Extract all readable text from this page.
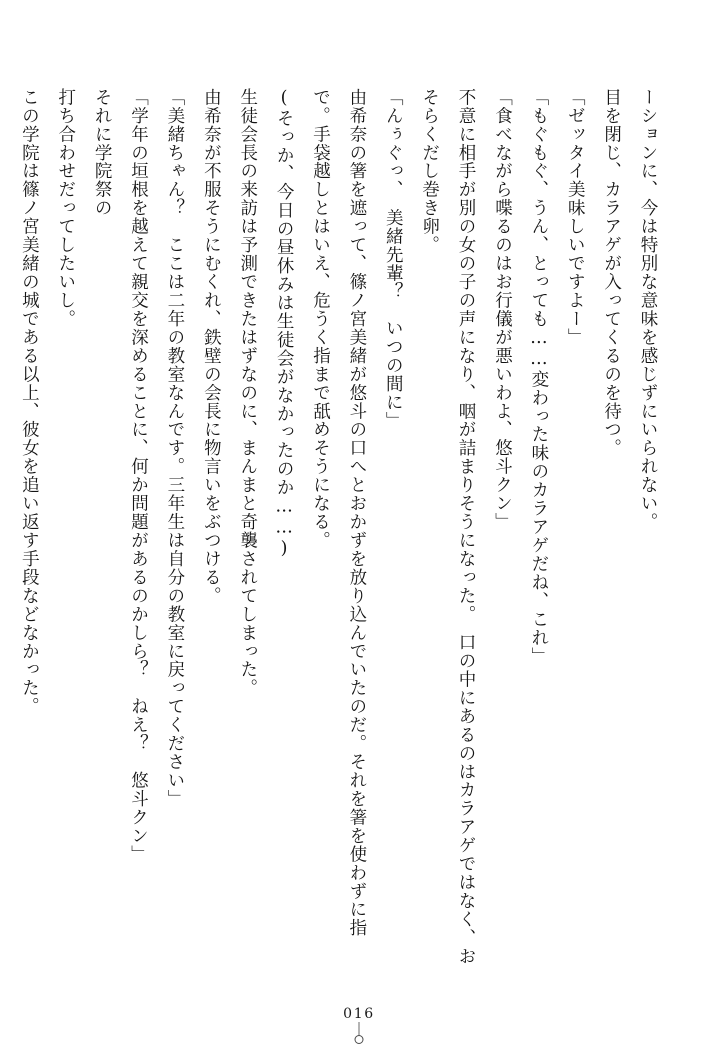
ーションに、今は特別な意味を感じずにいられない。

目を閉じ、カラアゲが入ってくるのを待つ。

「ゼッタイ美味しいですよー」

「もぐもぐ、うん、とっても……変わった味のカラアゲだね、これ」

「食べながら喋るのはお行儀が悪いわよ、悠斗クン」

不意に相手が別の女の子の声になり、咽が詰まりそうになった。　口の中にあるのはカラアゲではなく、おそらくだし巻き卵。

「んぅぐっ、　美緒先輩？　いつの間に」

由希奈の箸を遮って、篠ノ宮美緒が悠斗の口へとおかずを放り込んでいたのだ。それを箸を使わずに指で。手袋越しとはいえ、危うく指まで舐めそうになる。

(そっか、今日の昼休みは生徒会がなかったのか……)

生徒会長の来訪は予測できたはずなのに、まんまと奇襲されてしまった。

由希奈が不服そうにむくれ、鉄壁の会長に物言いをぶつける。

「美緒ちゃん？　ここは二年の教室なんです。三年生は自分の教室に戻ってください」

「学年の垣根を越えて親交を深めることに、何か問題があるのかしら？　ねえ？　悠斗クン」

それに学院祭の

打ち合わせだってしたいし。

この学院は篠ノ宮美緒の城である以上、彼女を追い返す手段などなかった。

016
